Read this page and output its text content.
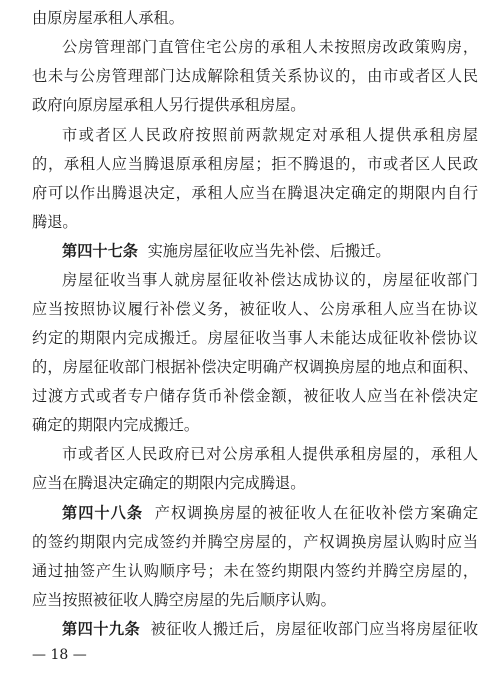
由原房屋承租人承租。
公房管理部门直管住宅公房的承租人未按照房改政策购房，
也未与公房管理部门达成解除租赁关系协议的，由市或者区人民
政府向原房屋承租人另行提供承租房屋。
市或者区人民政府按照前两款规定对承租人提供承租房屋
的，承租人应当腾退原承租房屋；拒不腾退的，市或者区人民政
府可以作出腾退决定，承租人应当在腾退决定确定的期限内自行
腾退。
第四十七条 实施房屋征收应当先补偿、后搬迁。
房屋征收当事人就房屋征收补偿达成协议的，房屋征收部门
应当按照协议履行补偿义务，被征收人、公房承租人应当在协议
约定的期限内完成搬迁。房屋征收当事人未能达成征收补偿协议
的，房屋征收部门根据补偿决定明确产权调换房屋的地点和面积、
过渡方式或者专户储存货币补偿金额，被征收人应当在补偿决定
确定的期限内完成搬迁。
市或者区人民政府已对公房承租人提供承租房屋的，承租人
应当在腾退决定确定的期限内完成腾退。
第四十八条 产权调换房屋的被征收人在征收补偿方案确定
的签约期限内完成签约并腾空房屋的，产权调换房屋认购时应当
通过抽签产生认购顺序号；未在签约期限内签约并腾空房屋的，
应当按照被征收人腾空房屋的先后顺序认购。
第四十九条 被征收人搬迁后，房屋征收部门应当将房屋征收
— 18 —
